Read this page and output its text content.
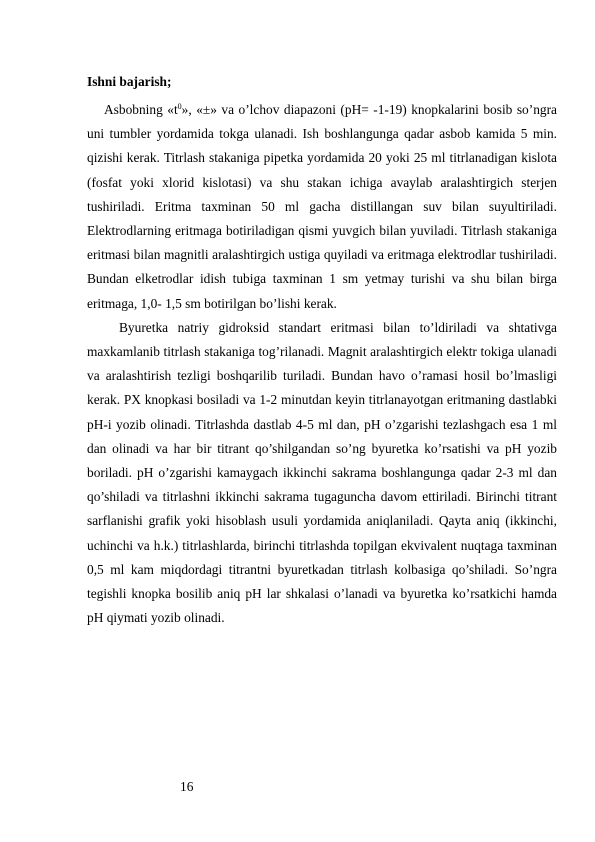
Ishni bajarish;

Asbobning «$t^0$», «±» va o’lchov diapazoni (pH= -1-19) knopkalarini bosib so’ngra uni tumbler yordamida tokga ulanadi. Ish boshlangunga qadar asbob kamida 5 min. qizishi kerak. Titrlash stakaniga pipetka yordamida 20 yoki 25 ml titrlanadigan kislota (fosfat yoki xlorid kislotasi) va shu stakan ichiga avaylab aralashtirgich sterjen tushiriladi. Eritma taxminan 50 ml gacha distillangan suv bilan suyultiriladi. Elektrodlarning eritmaga botiriladigan qismi yuvgich bilan yuviladi. Titrlash stakaniga eritmasi bilan magnitli aralashtirgich ustiga quyiladi va eritmaga elektrodlar tushiriladi. Bundan elketrodlar idish tubiga taxminan 1 sm yetmay turishi va shu bilan birga eritmaga, 1,0- 1,5 sm botirilgan bo’lishi kerak.

Byuretka natriy gidroksid standart eritmasi bilan to’ldiriladi va shtativga maxkamlanib titrlash stakaniga tog’rilanadi. Magnit aralashtirgich elektr tokiga ulanadi va aralashtirish tezligi boshqarilib turiladi. Bundan havo o’ramasi hosil bo’lmasligi kerak. PX knopkasi bosiladi va 1-2 minutdan keyin titrlanayotgan eritmaning dastlabki pH-i yozib olinadi. Titrlashda dastlab 4-5 ml dan, pH o’zgarishi tezlashgach esa 1 ml dan olinadi va har bir titrant qo’shilgandan so’ng byuretka ko’rsatishi va pH yozib boriladi. pH o’zgarishi kamaygach ikkinchi sakrama boshlangunga qadar 2-3 ml dan qo’shiladi va titrlashni ikkinchi sakrama tugaguncha davom ettiriladi. Birinchi titrant sarflanishi grafik yoki hisoblash usuli yordamida aniqlaniladi. Qayta aniq (ikkinchi, uchinchi va h.k.) titrlashlarda, birinchi titrlashda topilgan ekvivalent nuqtaga taxminan 0,5 ml kam miqdordagi titrantni byuretkadan titrlash kolbasiga qo’shiladi. So’ngra tegishli knopka bosilib aniq pH lar shkalasi o’lanadi va byuretka ko’rsatkichi hamda pH qiymati yozib olinadi.

16
